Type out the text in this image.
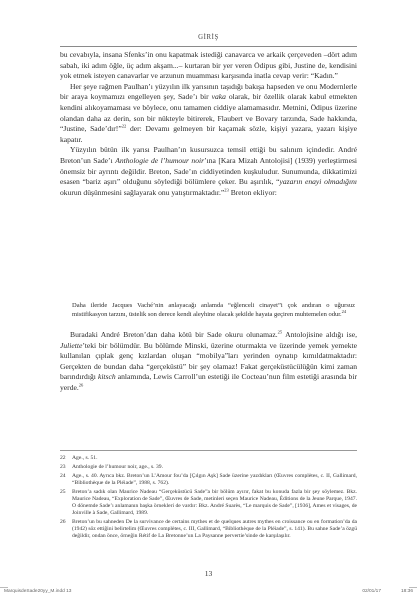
GİRİŞ

bu cevabıyla, insana Sfenks’in onu kapatmak istediği canavarca ve arkaik çerçeveden –dört adım sabah, iki adım öğle, üç adım akşam...– kurtaran bir yer veren Ödipus gibi, Justine de, kendisini yok etmek isteyen canavarlar ve arzunun muamması karşısında inatla cevap verir: “Kadın.”

Her şeye rağmen Paulhan’ı yüzyılın ilk yarısının taşıdığı bakışa hapseden ve onu Modernlerle bir araya koymamızı engelleyen şey, Sade’ı bir vaka olarak, bir özellik olarak kabul etmekten kendini alıkoyamaması ve böylece, onu tamamen ciddiye alamamasıdır. Metnini, Ödipus üzerine olandan daha az derin, son bir nükteyle bitirerek, Flaubert ve Bovary tarzında, Sade hakkında, “Justine, Sade’dır!”$^{22}$ der: Devamı gelmeyen bir kaçamak sözle, kişiyi yazara, yazarı kişiye kapatır.

Yüzyılın bütün ilk yarısı Paulhan’ın kusursuzca temsil ettiği bu salınım içindedir. André Breton’un Sade’ı Anthologie de l’humour noir’ına [Kara Mizah Antolojisi] (1939) yerleştirmesi önemsiz bir ayrıntı değildir. Breton, Sade’ın ciddiyetinden kuşkuludur. Sunumunda, dikkatimizi esasen “bariz aşırı” olduğunu söylediği bölümlere çeker. Bu aşırılık, “yazarın enayi olmadığını okurun düşünmesini sağlayarak onu yatıştırmaktadır.”$^{23}$ Breton ekliyor:

Daha ileride Jacques Vaché’nin anlayacağı anlamda “eğlenceli cinayet”i çok andıran o uğursuz mistifikasyon tarzını, üstelik son derece kendi aleyhine olacak şekilde hayata geçiren muhtemelen odur.$^{24}$

Buradaki André Breton’dan daha kötü bir Sade okuru olunamaz.$^{25}$ Antolojisine aldığı ise, Juliette’teki bir bölümdür. Bu bölümde Minski, üzerine oturmakta ve üzerinde yemek yemekte kullanılan çıplak genç kızlardan oluşan “mobilya”ları yerinden oynatıp kımıldatmaktadır: Gerçekten de bundan daha “gerçeküstü” bir şey olamaz! Fakat gerçeküstücülüğün kimi zaman barındırdığı kitsch anlamında, Lewis Carroll’un estetiği ile Cocteau’nun film estetiği arasında bir yerde.$^{26}$

22	Age., s. 51.
23	Anthologie de l’humour noir, age., s. 39.
24	Age., s. 40. Ayrıca bkz. Breton’un L’Amour fou’da [Çılgın Aşk] Sade üzerine yazdıkları (Œuvres complètes, c. II, Gallimard, “Bibliothèque de la Pléiade”, 1988, s. 762).
25	Breton’a sadık olan Maurice Nadeau “Gerçeküstücü Sade”a bir bölüm ayırır, fakat bu konuda fazla bir şey söylemez. Bkz. Maurice Nadeau, “Exploration de Sade”, Œuvres de Sade, metinleri seçen Maurice Nadeau, Éditions de la Jeune Parque, 1947. O dönemde Sade’ı anlamanın başka örnekleri de vardır: Bkz. André Suarès, “Le marquis de Sade”, [1936], Ames et visages, de Joinville à Sade, Gallimard, 1989.
26	Breton’un bu sahneden De la survivance de certains mythes et de quelques autres mythes en croissance ou en formation’da da (1942) söz ettiğini belirtelim (Œuvres complètes, c. III, Gallimard, “Bibliothèque de la Pléiade”, s. 141). Bu sahne Sade’a özgü değildir, ondan önce, örneğin Rétif de La Bretonne’un La Paysanne pervertie’sinde de karşılaşılır.
13
MarquisdeSade20yy_M.indd 13	02/01/17	18:36
